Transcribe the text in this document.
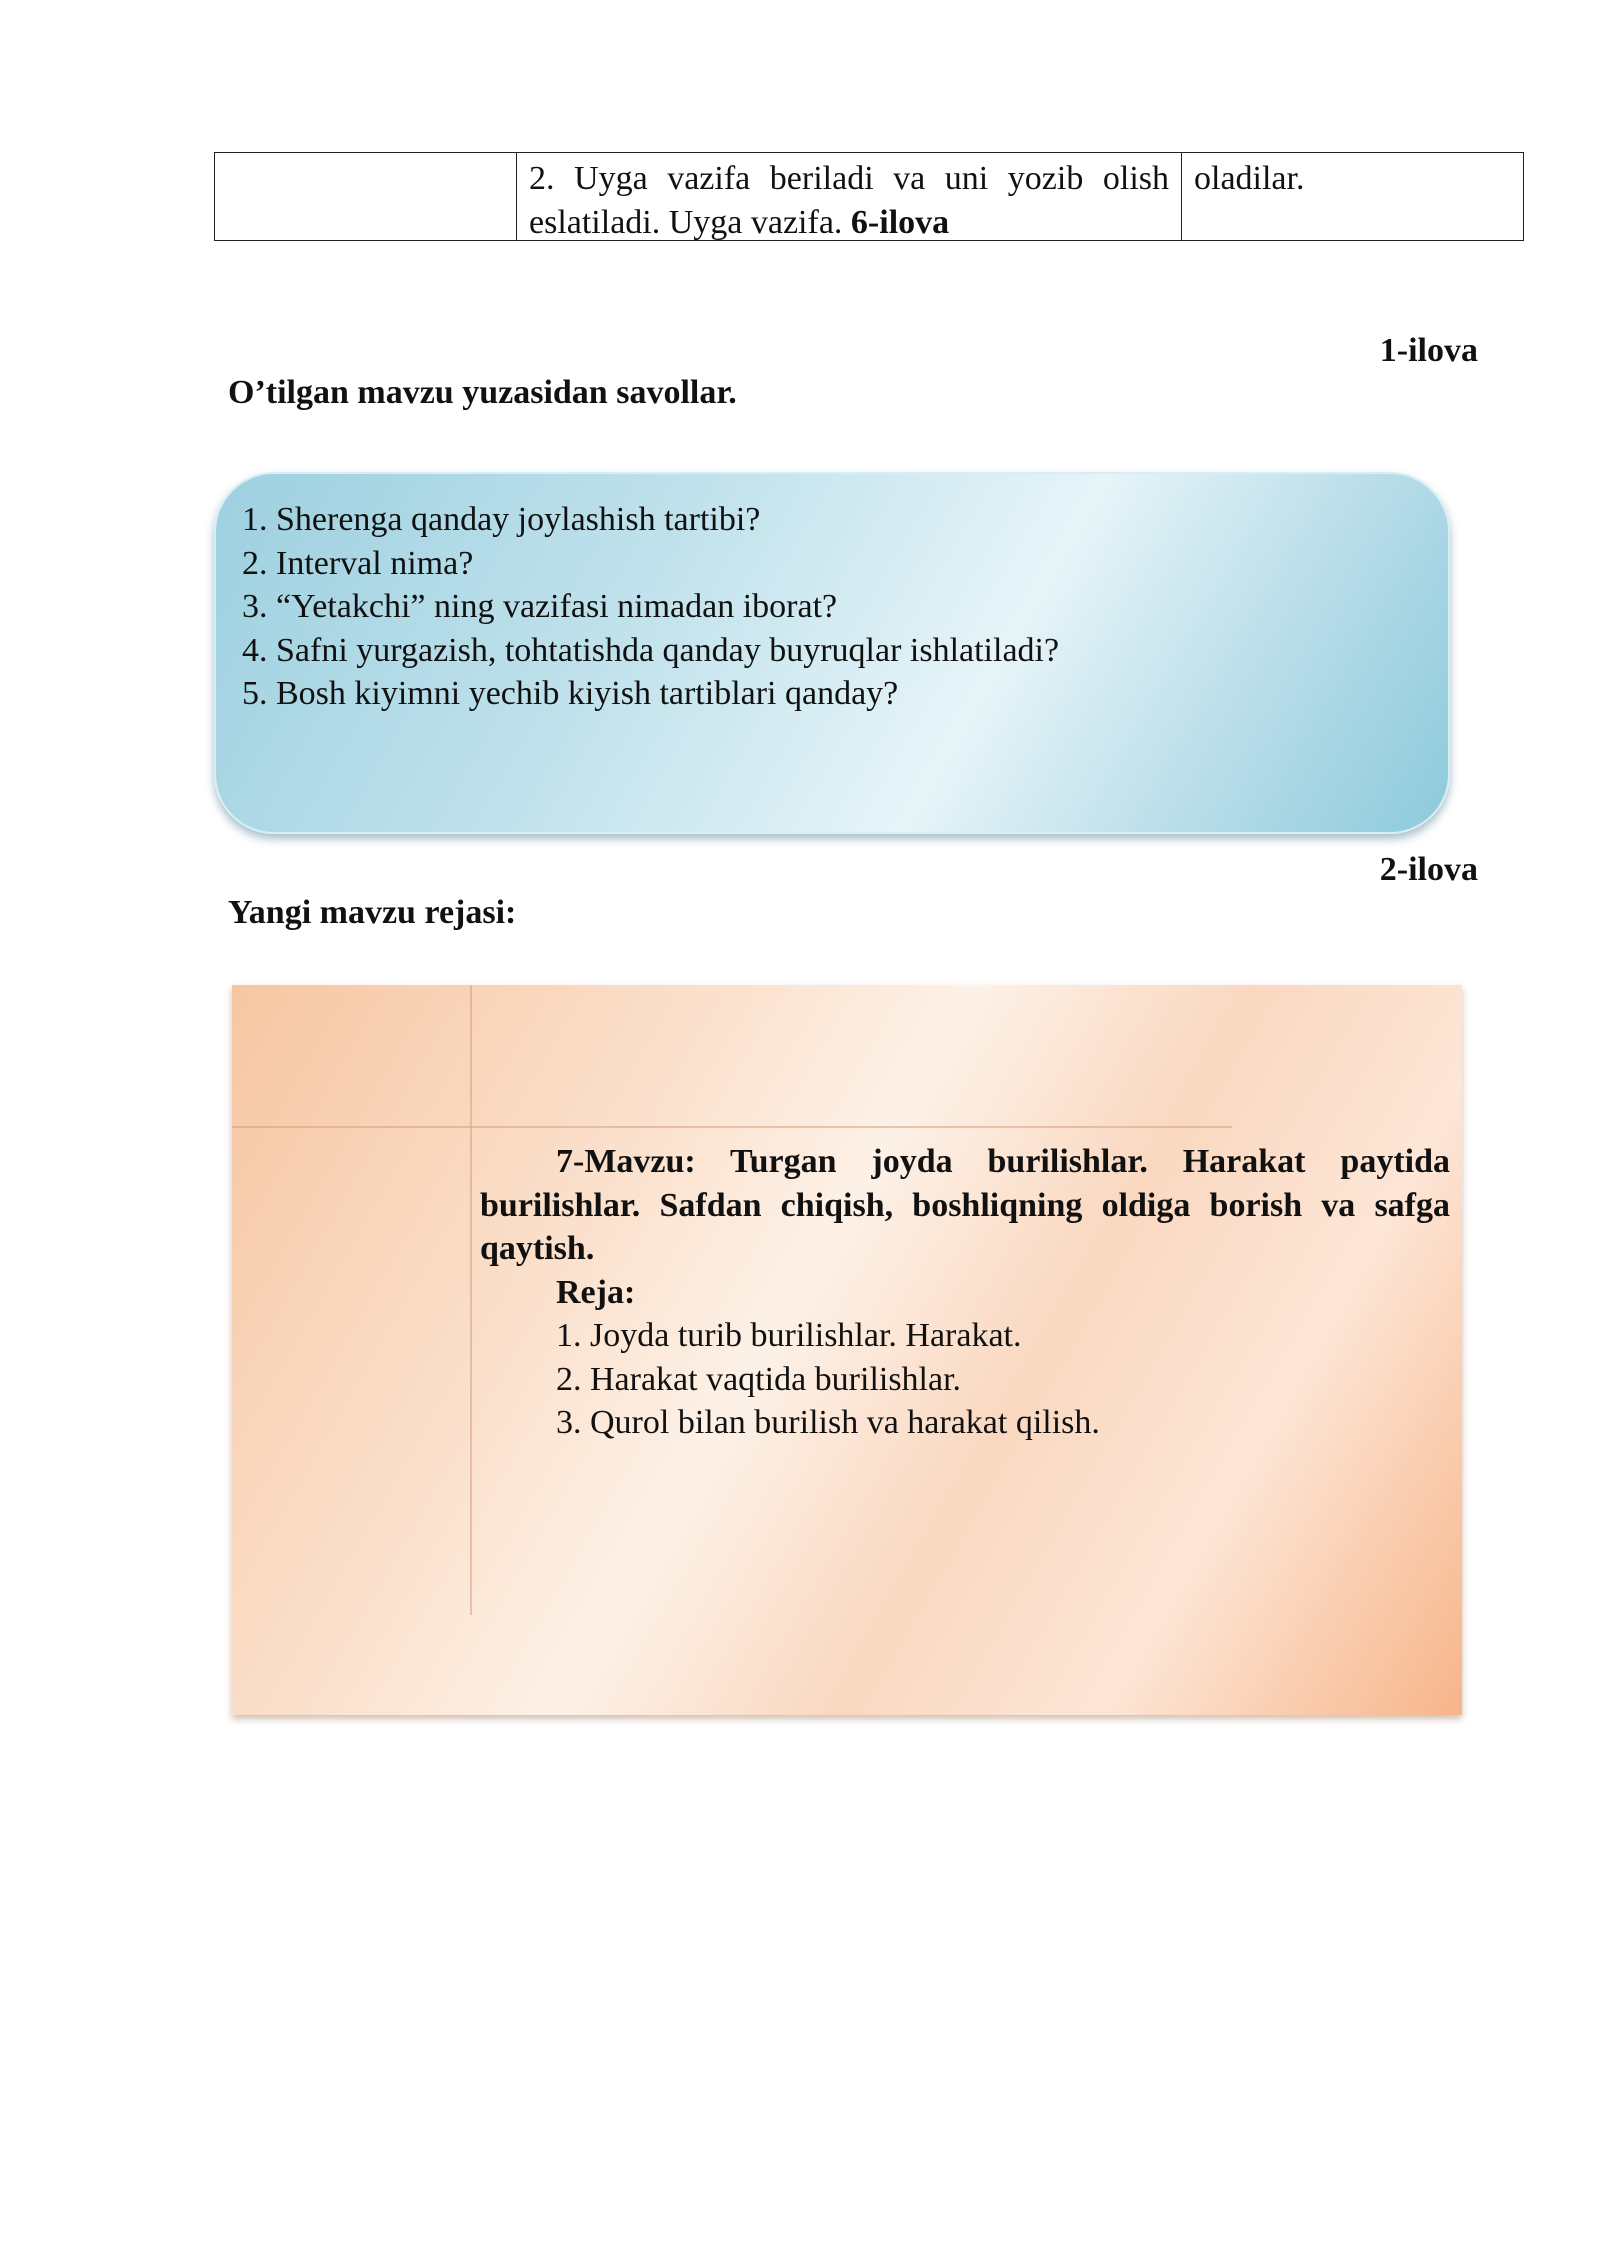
2. Uyga vazifa beriladi va uni yozib olish eslatiladi. Uyga vazifa. 6-ilova
oladilar.
1-ilova
O’tilgan mavzu yuzasidan savollar.
1. Sherenga qanday joylashish tartibi?
2. Interval nima?
3. “Yetakchi” ning vazifasi nimadan iborat?
4. Safni yurgazish, tohtatishda qanday buyruqlar ishlatiladi?
5. Bosh kiyimni yechib kiyish tartiblari qanday?
2-ilova
Yangi mavzu rejasi:
7-Mavzu: Turgan joyda burilishlar. Harakat paytida burilishlar. Safdan chiqish, boshliqning oldiga borish va safga qaytish.
Reja:
1. Joyda turib burilishlar. Harakat.
2. Harakat vaqtida burilishlar.
3. Qurol bilan burilish va harakat qilish.
